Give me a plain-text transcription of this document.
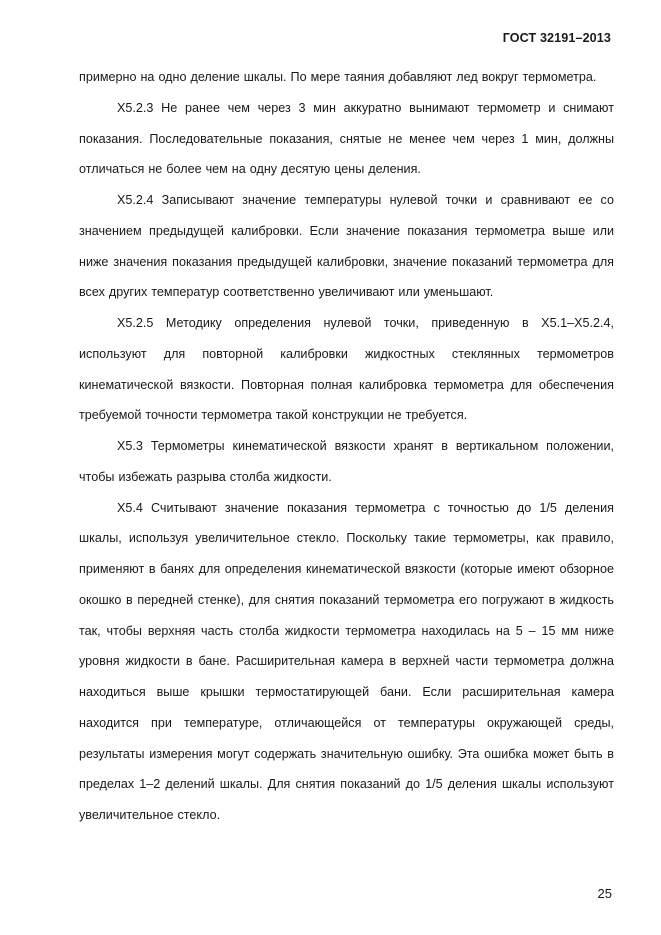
ГОСТ 32191–2013

примерно на одно деление шкалы. По мере таяния добавляют лед вокруг термометра.

X5.2.3 Не ранее чем через 3 мин аккуратно вынимают термометр и снимают показания. Последовательные показания, снятые не менее чем через 1 мин, должны отличаться не более чем на одну десятую цены деления.

X5.2.4 Записывают значение температуры нулевой точки и сравнивают ее со значением предыдущей калибровки. Если значение показания термометра выше или ниже значения показания предыдущей калибровки, значение показаний термометра для всех других температур соответственно увеличивают или уменьшают.

X5.2.5 Методику определения нулевой точки, приведенную в X5.1–X5.2.4, используют для повторной калибровки жидкостных стеклянных термометров кинематической вязкости. Повторная полная калибровка термометра для обеспечения требуемой точности термометра такой конструкции не требуется.

X5.3 Термометры кинематической вязкости хранят в вертикальном положении, чтобы избежать разрыва столба жидкости.

X5.4 Считывают значение показания термометра с точностью до 1/5 деления шкалы, используя увеличительное стекло. Поскольку такие термометры, как правило, применяют в банях для определения кинематической вязкости (которые имеют обзорное окошко в передней стенке), для снятия показаний термометра его погружают в жидкость так, чтобы верхняя часть столба жидкости термометра находилась на 5 – 15 мм ниже уровня жидкости в бане. Расширительная камера в верхней части термометра должна находиться выше крышки термостатирующей бани. Если расширительная камера находится при температуре, отличающейся от температуры окружающей среды, результаты измерения могут содержать значительную ошибку. Эта ошибка может быть в пределах 1–2 делений шкалы. Для снятия показаний до 1/5 деления шкалы используют увеличительное стекло.

25
